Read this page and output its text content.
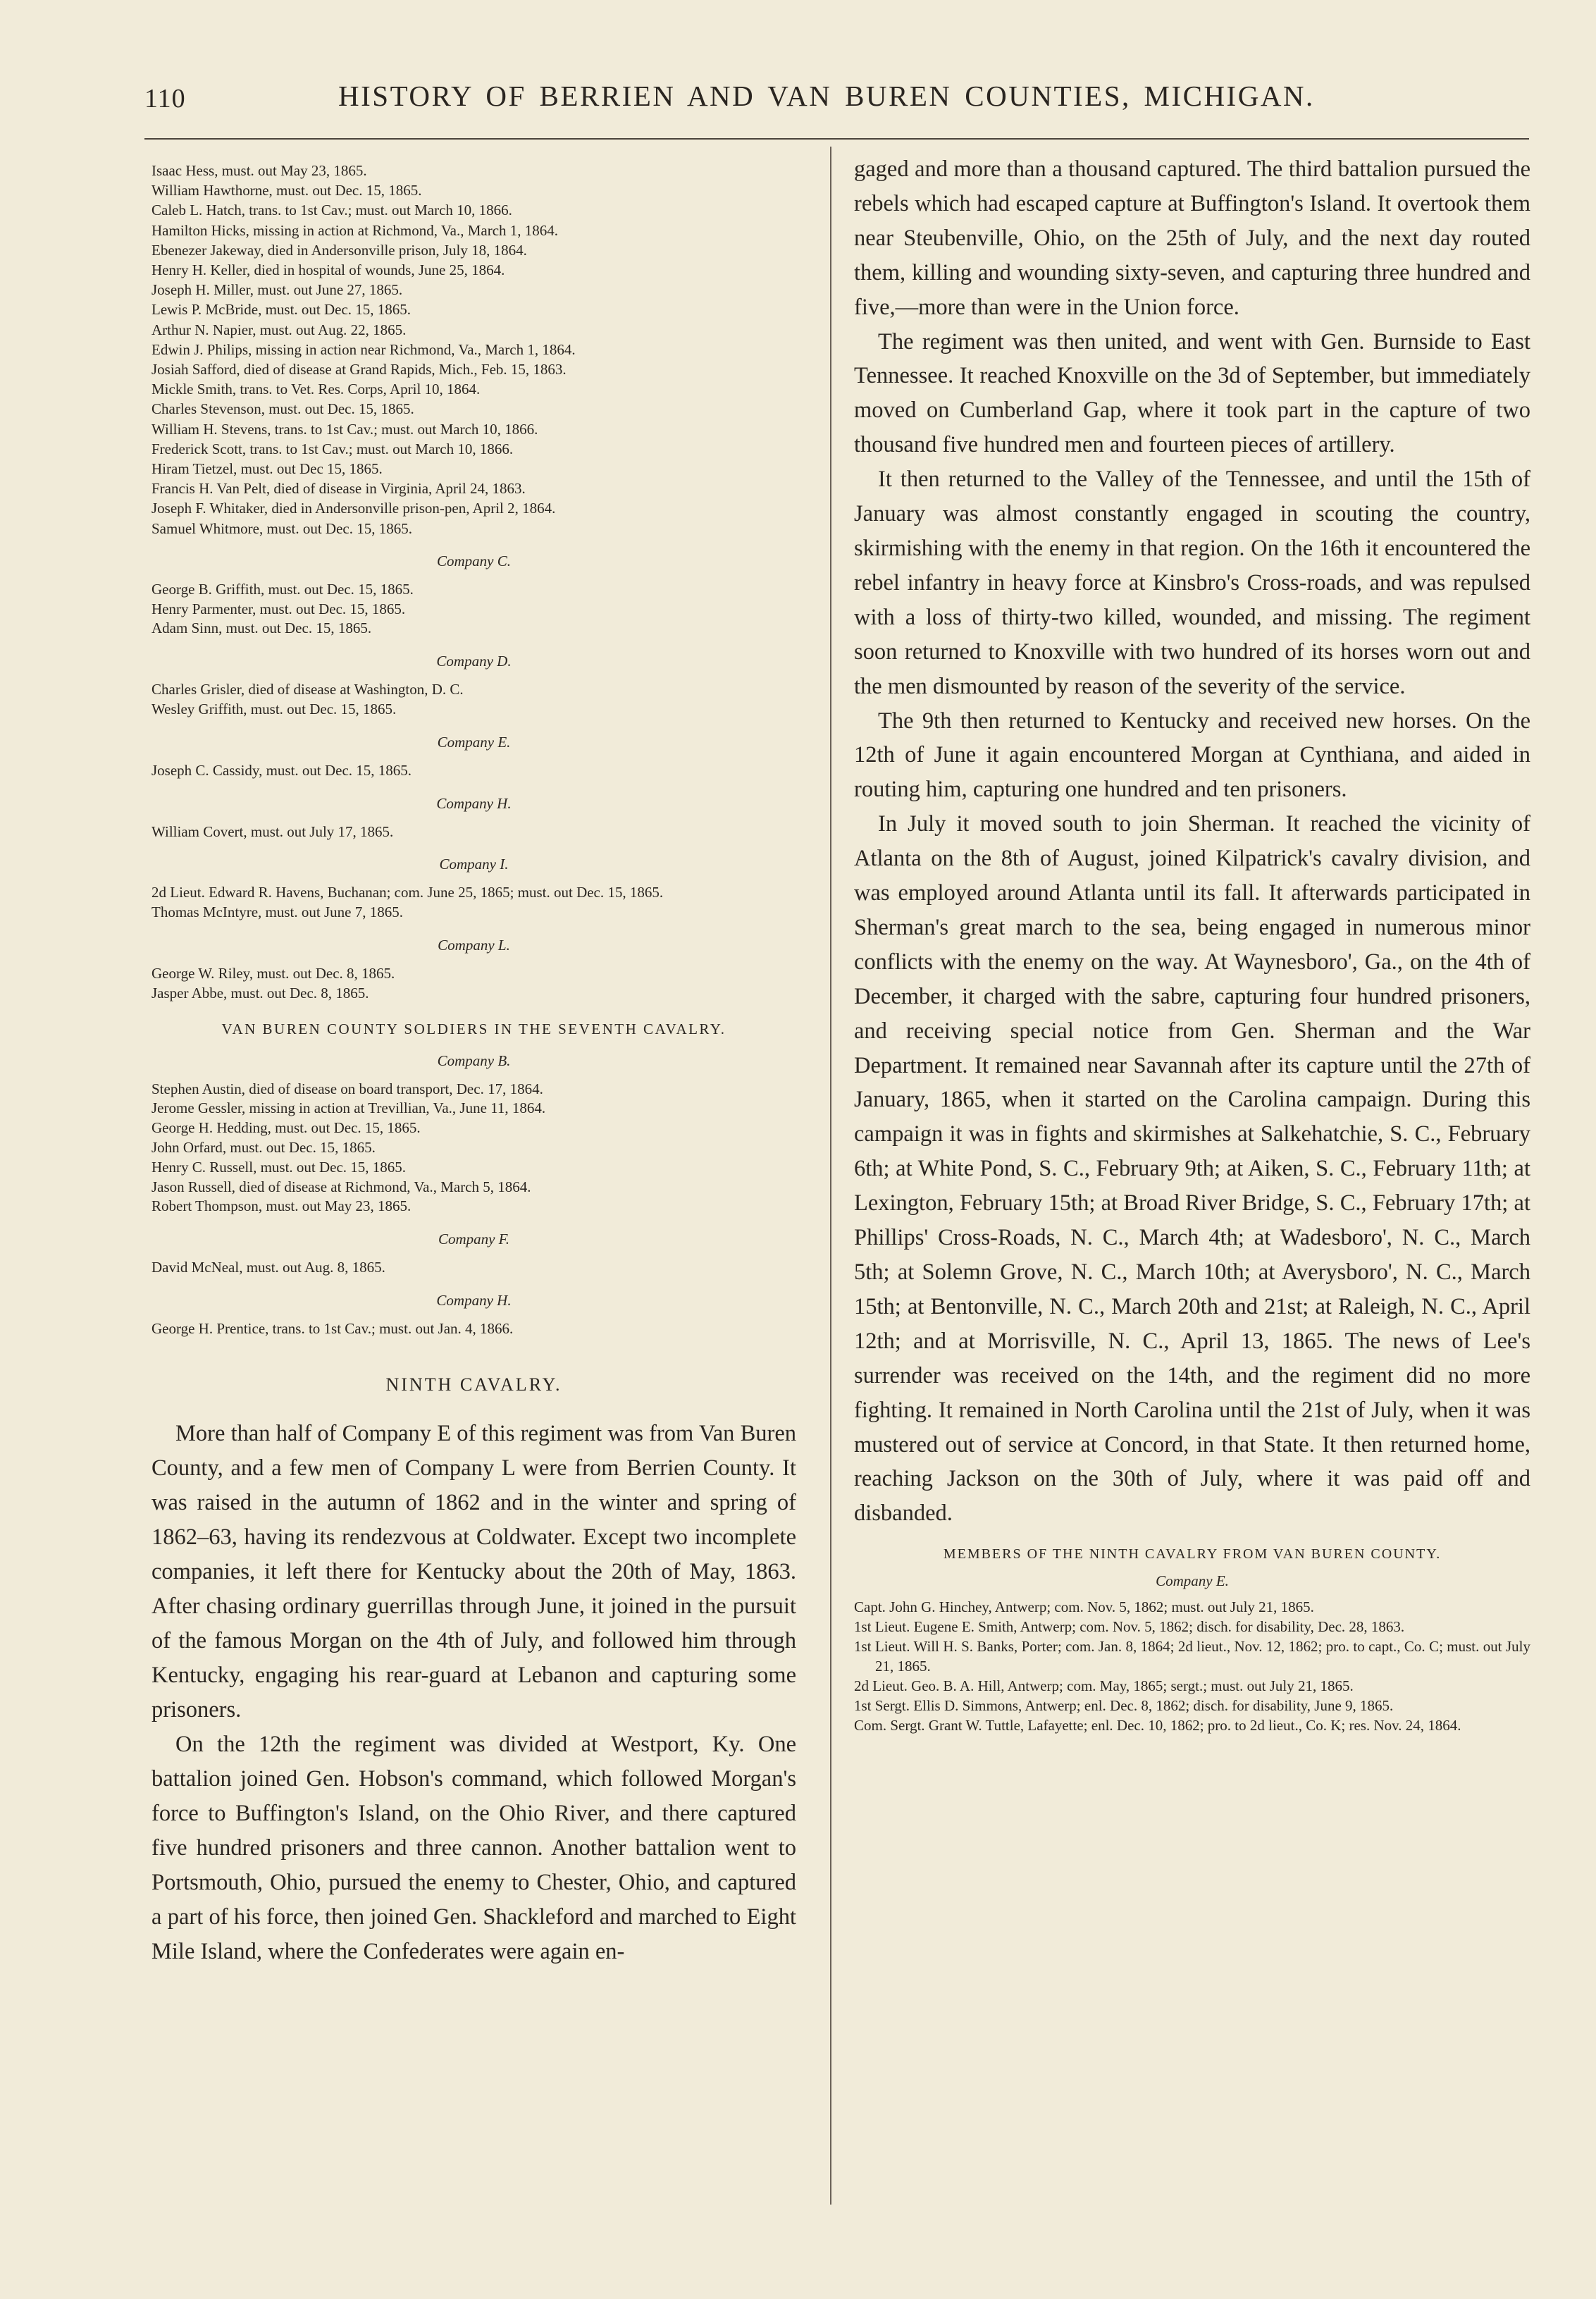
110	HISTORY OF BERRIEN AND VAN BUREN COUNTIES, MICHIGAN.
Isaac Hess, must. out May 23, 1865.
William Hawthorne, must. out Dec. 15, 1865.
Caleb L. Hatch, trans. to 1st Cav.; must. out March 10, 1866.
Hamilton Hicks, missing in action at Richmond, Va., March 1, 1864.
Ebenezer Jakeway, died in Andersonville prison, July 18, 1864.
Henry H. Keller, died in hospital of wounds, June 25, 1864.
Joseph H. Miller, must. out June 27, 1865.
Lewis P. McBride, must. out Dec. 15, 1865.
Arthur N. Napier, must. out Aug. 22, 1865.
Edwin J. Philips, missing in action near Richmond, Va., March 1, 1864.
Josiah Safford, died of disease at Grand Rapids, Mich., Feb. 15, 1863.
Mickle Smith, trans. to Vet. Res. Corps, April 10, 1864.
Charles Stevenson, must. out Dec. 15, 1865.
William H. Stevens, trans. to 1st Cav.; must. out March 10, 1866.
Frederick Scott, trans. to 1st Cav.; must. out March 10, 1866.
Hiram Tietzel, must. out Dec 15, 1865.
Francis H. Van Pelt, died of disease in Virginia, April 24, 1863.
Joseph F. Whitaker, died in Andersonville prison-pen, April 2, 1864.
Samuel Whitmore, must. out Dec. 15, 1865.
Company C.
George B. Griffith, must. out Dec. 15, 1865.
Henry Parmenter, must. out Dec. 15, 1865.
Adam Sinn, must. out Dec. 15, 1865.
Company D.
Charles Grisler, died of disease at Washington, D. C.
Wesley Griffith, must. out Dec. 15, 1865.
Company E.
Joseph C. Cassidy, must. out Dec. 15, 1865.
Company H.
William Covert, must. out July 17, 1865.
Company I.
2d Lieut. Edward R. Havens, Buchanan; com. June 25, 1865; must. out Dec. 15, 1865.
Thomas McIntyre, must. out June 7, 1865.
Company L.
George W. Riley, must. out Dec. 8, 1865.
Jasper Abbe, must. out Dec. 8, 1865.
VAN BUREN COUNTY SOLDIERS IN THE SEVENTH CAVALRY.
Company B.
Stephen Austin, died of disease on board transport, Dec. 17, 1864.
Jerome Gessler, missing in action at Trevillian, Va., June 11, 1864.
George H. Hedding, must. out Dec. 15, 1865.
John Orfard, must. out Dec. 15, 1865.
Henry C. Russell, must. out Dec. 15, 1865.
Jason Russell, died of disease at Richmond, Va., March 5, 1864.
Robert Thompson, must. out May 23, 1865.
Company F.
David McNeal, must. out Aug. 8, 1865.
Company H.
George H. Prentice, trans. to 1st Cav.; must. out Jan. 4, 1866.
NINTH CAVALRY.

More than half of Company E of this regiment was from Van Buren County, and a few men of Company L were from Berrien County. It was raised in the autumn of 1862 and in the winter and spring of 1862–63, having its rendezvous at Coldwater. Except two incomplete companies, it left there for Kentucky about the 20th of May, 1863. After chasing ordinary guerrillas through June, it joined in the pursuit of the famous Morgan on the 4th of July, and followed him through Kentucky, engaging his rear-guard at Lebanon and capturing some prisoners.

On the 12th the regiment was divided at Westport, Ky. One battalion joined Gen. Hobson's command, which followed Morgan's force to Buffington's Island, on the Ohio River, and there captured five hundred prisoners and three cannon. Another battalion went to Portsmouth, Ohio, pursued the enemy to Chester, Ohio, and captured a part of his force, then joined Gen. Shackleford and marched to Eight Mile Island, where the Confederates were again en-

gaged and more than a thousand captured. The third battalion pursued the rebels which had escaped capture at Buffington's Island. It overtook them near Steubenville, Ohio, on the 25th of July, and the next day routed them, killing and wounding sixty-seven, and capturing three hundred and five,—more than were in the Union force.

The regiment was then united, and went with Gen. Burnside to East Tennessee. It reached Knoxville on the 3d of September, but immediately moved on Cumberland Gap, where it took part in the capture of two thousand five hundred men and fourteen pieces of artillery.

It then returned to the Valley of the Tennessee, and until the 15th of January was almost constantly engaged in scouting the country, skirmishing with the enemy in that region. On the 16th it encountered the rebel infantry in heavy force at Kinsbro's Cross-roads, and was repulsed with a loss of thirty-two killed, wounded, and missing. The regiment soon returned to Knoxville with two hundred of its horses worn out and the men dismounted by reason of the severity of the service.

The 9th then returned to Kentucky and received new horses. On the 12th of June it again encountered Morgan at Cynthiana, and aided in routing him, capturing one hundred and ten prisoners.

In July it moved south to join Sherman. It reached the vicinity of Atlanta on the 8th of August, joined Kilpatrick's cavalry division, and was employed around Atlanta until its fall. It afterwards participated in Sherman's great march to the sea, being engaged in numerous minor conflicts with the enemy on the way. At Waynesboro', Ga., on the 4th of December, it charged with the sabre, capturing four hundred prisoners, and receiving special notice from Gen. Sherman and the War Department. It remained near Savannah after its capture until the 27th of January, 1865, when it started on the Carolina campaign. During this campaign it was in fights and skirmishes at Salkehatchie, S. C., February 6th; at White Pond, S. C., February 9th; at Aiken, S. C., February 11th; at Lexington, February 15th; at Broad River Bridge, S. C., February 17th; at Phillips' Cross-Roads, N. C., March 4th; at Wadesboro', N. C., March 5th; at Solemn Grove, N. C., March 10th; at Averysboro', N. C., March 15th; at Bentonville, N. C., March 20th and 21st; at Raleigh, N. C., April 12th; and at Morrisville, N. C., April 13, 1865. The news of Lee's surrender was received on the 14th, and the regiment did no more fighting. It remained in North Carolina until the 21st of July, when it was mustered out of service at Concord, in that State. It then returned home, reaching Jackson on the 30th of July, where it was paid off and disbanded.

MEMBERS OF THE NINTH CAVALRY FROM VAN BUREN COUNTY.
Company E.
Capt. John G. Hinchey, Antwerp; com. Nov. 5, 1862; must. out July 21, 1865.
1st Lieut. Eugene E. Smith, Antwerp; com. Nov. 5, 1862; disch. for disability, Dec. 28, 1863.
1st Lieut. Will H. S. Banks, Porter; com. Jan. 8, 1864; 2d lieut., Nov. 12, 1862; pro. to capt., Co. C; must. out July 21, 1865.
2d Lieut. Geo. B. A. Hill, Antwerp; com. May, 1865; sergt.; must. out July 21, 1865.
1st Sergt. Ellis D. Simmons, Antwerp; enl. Dec. 8, 1862; disch. for disability, June 9, 1865.
Com. Sergt. Grant W. Tuttle, Lafayette; enl. Dec. 10, 1862; pro. to 2d lieut., Co. K; res. Nov. 24, 1864.
